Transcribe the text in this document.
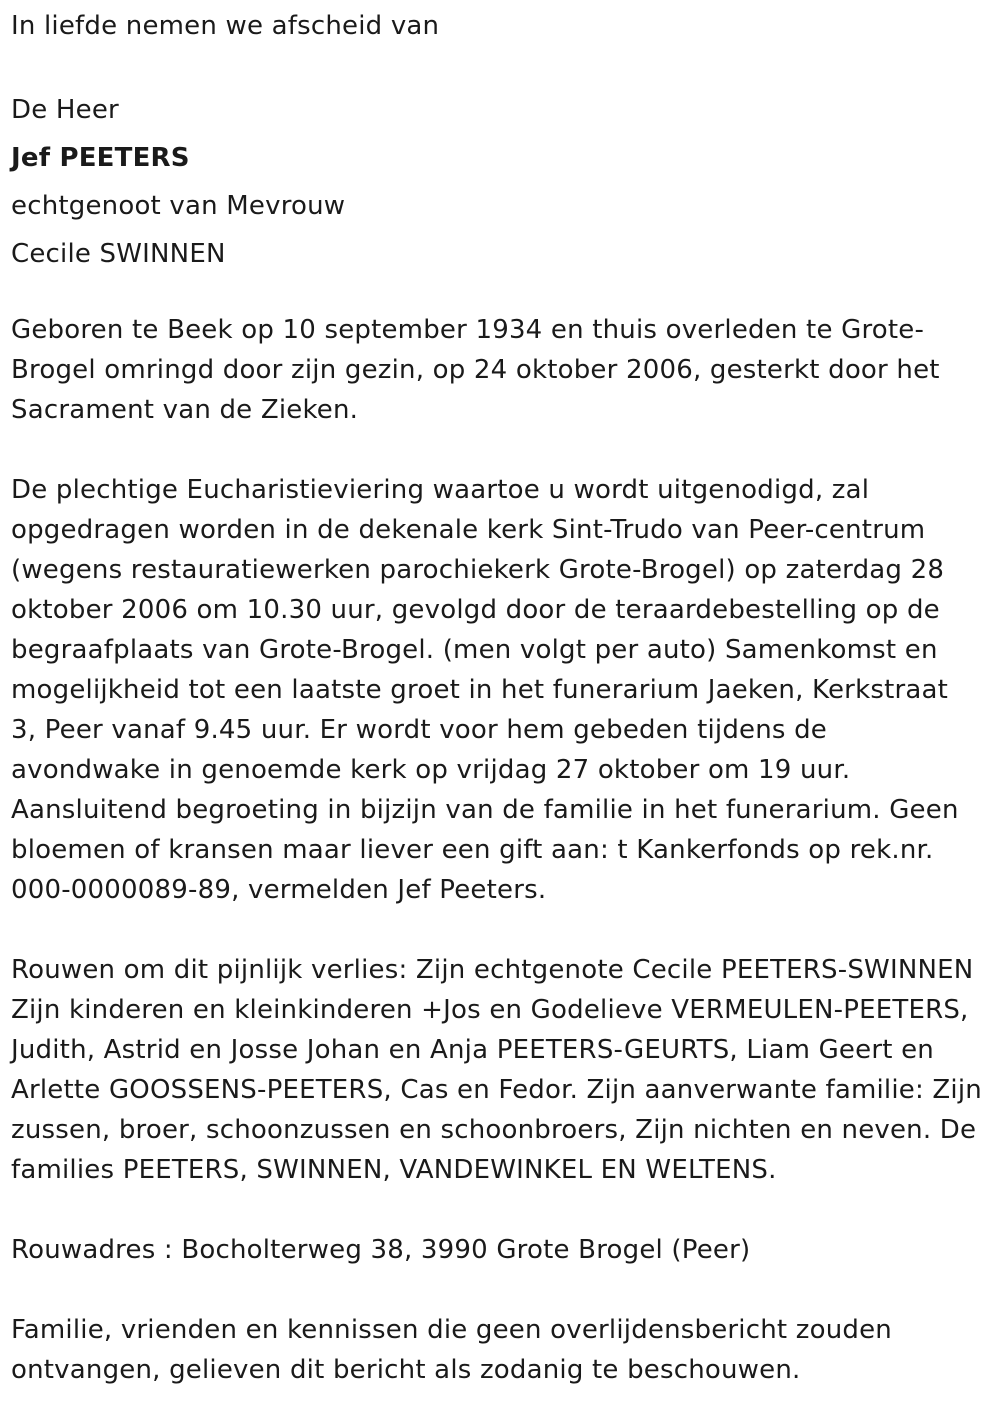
In liefde nemen we afscheid van

De Heer

Jef PEETERS

echtgenoot van Mevrouw

Cecile SWINNEN

Geboren te Beek op 10 september 1934 en thuis overleden te Grote-

Brogel omringd door zijn gezin, op 24 oktober 2006, gesterkt door het

Sacrament van de Zieken.

De plechtige Eucharistieviering waartoe u wordt uitgenodigd, zal

opgedragen worden in de dekenale kerk Sint-Trudo van Peer-centrum

(wegens restauratiewerken parochiekerk Grote-Brogel) op zaterdag 28

oktober 2006 om 10.30 uur, gevolgd door de teraardebestelling op de

begraafplaats van Grote-Brogel. (men volgt per auto) Samenkomst en

mogelijkheid tot een laatste groet in het funerarium Jaeken, Kerkstraat

3, Peer vanaf 9.45 uur. Er wordt voor hem gebeden tijdens de

avondwake in genoemde kerk op vrijdag 27 oktober om 19 uur.

Aansluitend begroeting in bijzijn van de familie in het funerarium. Geen

bloemen of kransen maar liever een gift aan: t Kankerfonds op rek.nr.

000-0000089-89, vermelden Jef Peeters.

Rouwen om dit pijnlijk verlies: Zijn echtgenote Cecile PEETERS-SWINNEN

Zijn kinderen en kleinkinderen +Jos en Godelieve VERMEULEN-PEETERS,

Judith, Astrid en Josse Johan en Anja PEETERS-GEURTS, Liam Geert en

Arlette GOOSSENS-PEETERS, Cas en Fedor. Zijn aanverwante familie: Zijn

zussen, broer, schoonzussen en schoonbroers, Zijn nichten en neven. De

families PEETERS, SWINNEN, VANDEWINKEL EN WELTENS.

Rouwadres : Bocholterweg 38, 3990 Grote Brogel (Peer)

Familie, vrienden en kennissen die geen overlijdensbericht zouden

ontvangen, gelieven dit bericht als zodanig te beschouwen.
